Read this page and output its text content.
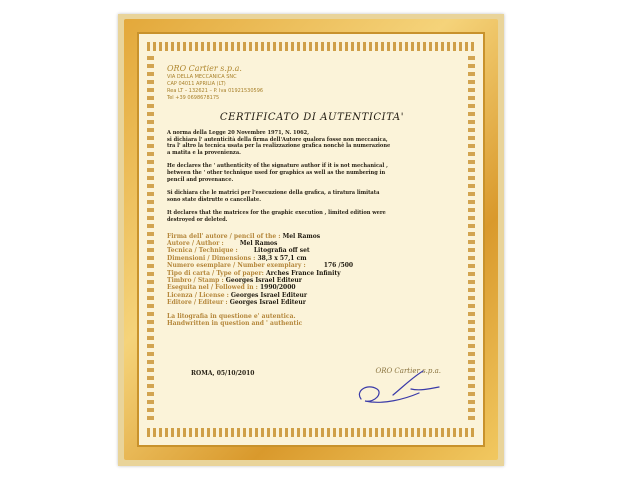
ORO Cartier s.p.a.
VIA DELLA MECCANICA SNC
CAP 04011 APRILIA (LT)
Rea LT – 132621 – P. Iva 01921530596
Tel +39 0698678175
CERTIFICATO DI AUTENTICITA'
A norma della Legge 20 Novembre 1971, N. 1062,
si dichiara l' autenticità della firma dell'Autore qualora fosse non meccanica,
tra l' altro la tecnica usata per la realizzazione grafica nonchè la numerazione
a matita e la provenienza.
He declares the ' authenticity of the signature author if it is not mechanical ,
between the ' other technique used for graphics as well as the numbering in
pencil and provenance.
Si dichiara che le matrici per l'esecuzione della grafica, a tiratura limitata
sono state distrutte o cancellate.
It declares that the matrices for the graphic execution , limited edition were
destroyed or deleted.
Firma dell' autore / pencil of the : Mel Ramos
Autore / Author :	Mel Ramos
Tecnica / Technique :	Litografia off set
Dimensioni / Dimensions : 38,3 x 57,1 cm
Numero esemplare / Number exemplary :	176 /500
Tipo di carta / Type of paper: Arches France Infinity
Timbro / Stamp : Georges Israel Editeur
Eseguita nel / Followed in : 1990/2000
Licenza / License : Georges Israel Editeur
Editore / Editeur : Georges Israel Editeur
La litografia in questione e' autentica.
Handwritten in question and ' authentic
ROMA, 05/10/2010	ORO Cartier s.p.a.
